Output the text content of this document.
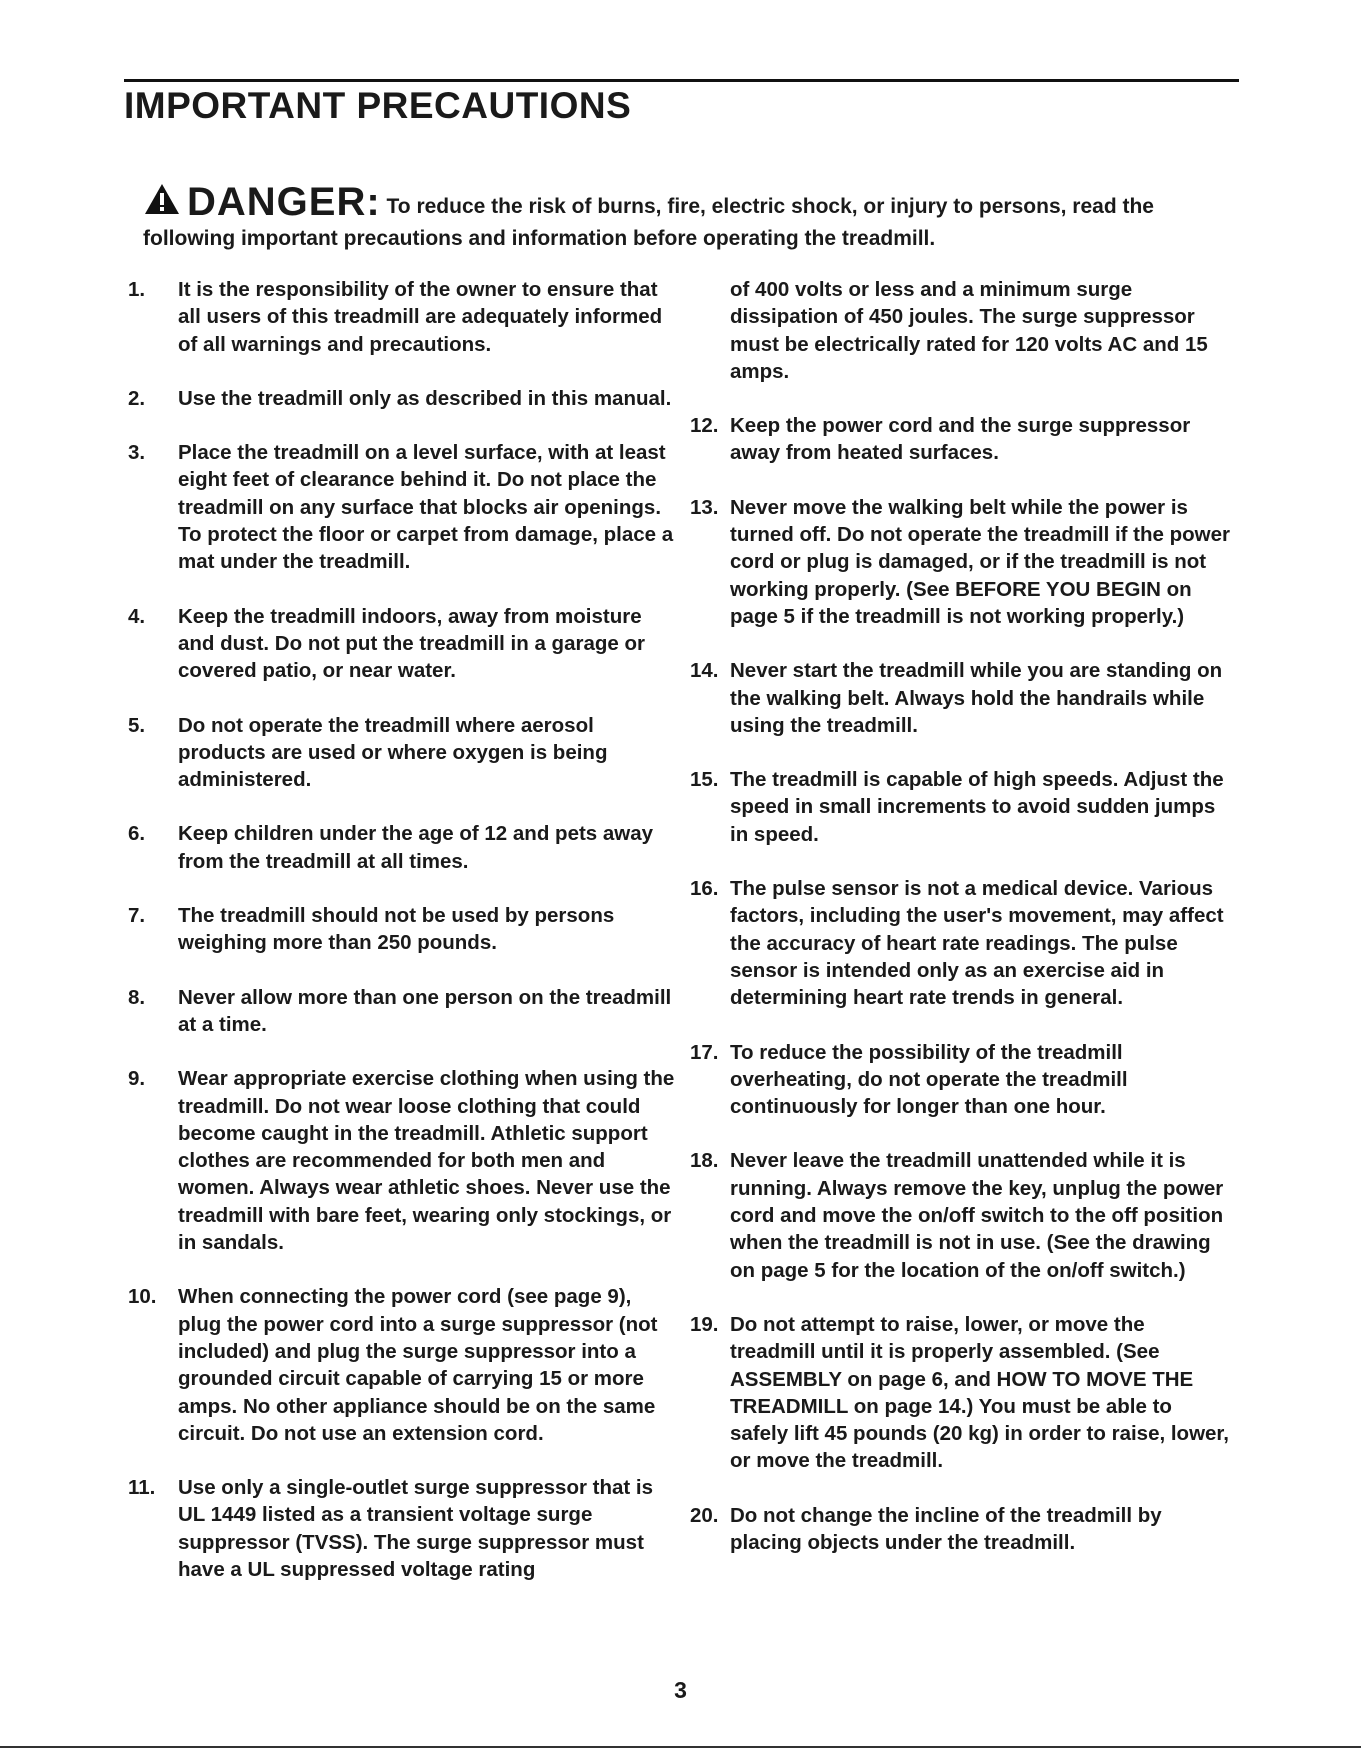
IMPORTANT PRECAUTIONS
DANGER: To reduce the risk of burns, fire, electric shock, or injury to persons, read the following important precautions and information before operating the treadmill.
1.	It is the responsibility of the owner to ensure that all users of this treadmill are adequately informed of all warnings and precautions.
2.	Use the treadmill only as described in this manual.
3.	Place the treadmill on a level surface, with at least eight feet of clearance behind it. Do not place the treadmill on any surface that blocks air openings. To protect the floor or carpet from damage, place a mat under the treadmill.
4.	Keep the treadmill indoors, away from moisture and dust. Do not put the treadmill in a garage or covered patio, or near water.
5.	Do not operate the treadmill where aerosol products are used or where oxygen is being administered.
6.	Keep children under the age of 12 and pets away from the treadmill at all times.
7.	The treadmill should not be used by persons weighing more than 250 pounds.
8.	Never allow more than one person on the treadmill at a time.
9.	Wear appropriate exercise clothing when using the treadmill. Do not wear loose clothing that could become caught in the treadmill. Athletic support clothes are recommended for both men and women. Always wear athletic shoes. Never use the treadmill with bare feet, wearing only stockings, or in sandals.
10.	When connecting the power cord (see page 9), plug the power cord into a surge suppressor (not included) and plug the surge suppressor into a grounded circuit capable of carrying 15 or more amps. No other appliance should be on the same circuit. Do not use an extension cord.
11.	Use only a single-outlet surge suppressor that is UL 1449 listed as a transient voltage surge suppressor (TVSS). The surge suppressor must have a UL suppressed voltage rating
of 400 volts or less and a minimum surge dissipation of 450 joules. The surge suppressor must be electrically rated for 120 volts AC and 15 amps.
12. Keep the power cord and the surge suppressor away from heated surfaces.
13. Never move the walking belt while the power is turned off. Do not operate the treadmill if the power cord or plug is damaged, or if the treadmill is not working properly. (See BEFORE YOU BEGIN on page 5 if the treadmill is not working properly.)
14. Never start the treadmill while you are standing on the walking belt. Always hold the handrails while using the treadmill.
15. The treadmill is capable of high speeds. Adjust the speed in small increments to avoid sudden jumps in speed.
16. The pulse sensor is not a medical device. Various factors, including the user's movement, may affect the accuracy of heart rate readings. The pulse sensor is intended only as an exercise aid in determining heart rate trends in general.
17. To reduce the possibility of the treadmill overheating, do not operate the treadmill continuously for longer than one hour.
18. Never leave the treadmill unattended while it is running. Always remove the key, unplug the power cord and move the on/off switch to the off position when the treadmill is not in use. (See the drawing on page 5 for the location of the on/off switch.)
19. Do not attempt to raise, lower, or move the treadmill until it is properly assembled. (See ASSEMBLY on page 6, and HOW TO MOVE THE TREADMILL on page 14.) You must be able to safely lift 45 pounds (20 kg) in order to raise, lower, or move the treadmill.
20. Do not change the incline of the treadmill by placing objects under the treadmill.
3
